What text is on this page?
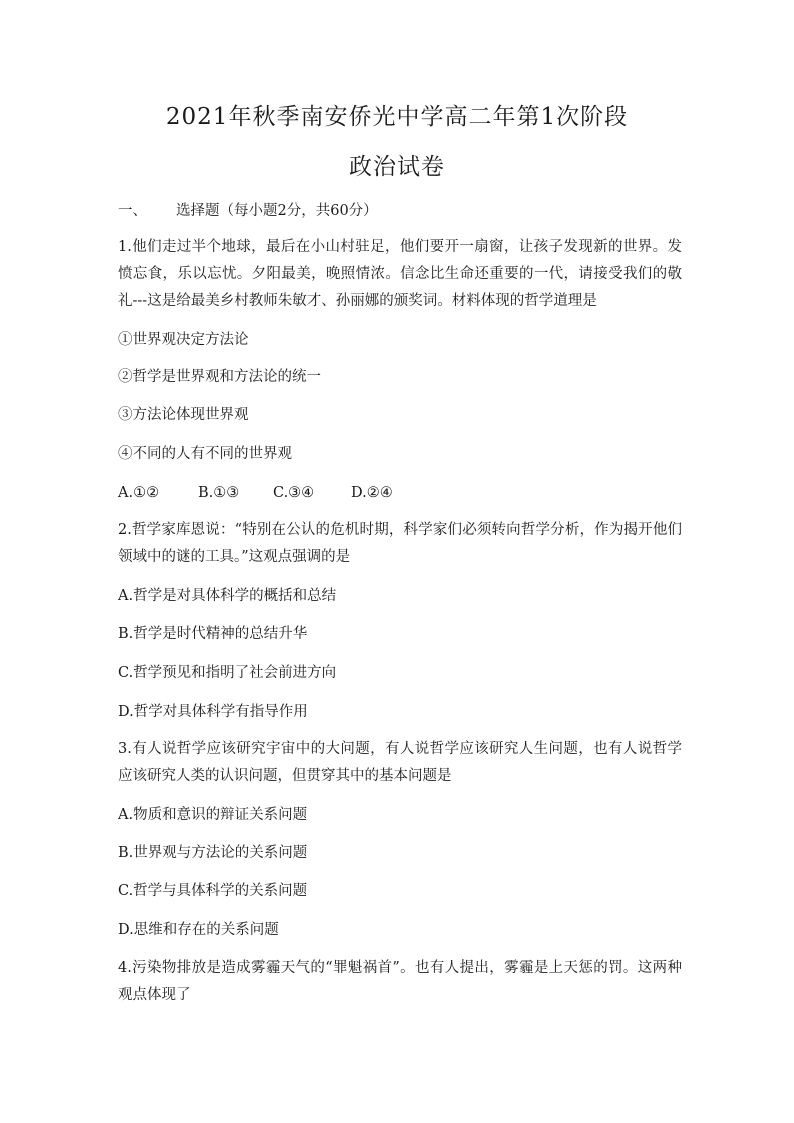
2021年秋季南安侨光中学高二年第1次阶段
政治试卷
一、 选择题（每小题2分，共60分）
1.他们走过半个地球，最后在小山村驻足，他们要开一扇窗，让孩子发现新的世界。发愤忘食，乐以忘忧。夕阳最美，晚照情浓。信念比生命还重要的一代，请接受我们的敬礼---这是给最美乡村教师朱敏才、孙丽娜的颁奖词。材料体现的哲学道理是
①世界观决定方法论
②哲学是世界观和方法论的统一
③方法论体现世界观
④不同的人有不同的世界观
A.①②	B.①③ C.③④	D.②④
2.哲学家库恩说：“特别在公认的危机时期，科学家们必须转向哲学分析，作为揭开他们领域中的谜的工具。”这观点强调的是
A.哲学是对具体科学的概括和总结
B.哲学是时代精神的总结升华
C.哲学预见和指明了社会前进方向
D.哲学对具体科学有指导作用
3.有人说哲学应该研究宇宙中的大问题，有人说哲学应该研究人生问题，也有人说哲学应该研究人类的认识问题，但贯穿其中的基本问题是
A.物质和意识的辩证关系问题
B.世界观与方法论的关系问题
C.哲学与具体科学的关系问题
D.思维和存在的关系问题
4.污染物排放是造成雾霾天气的“罪魁祸首”。也有人提出，雾霾是上天惩的罚。这两种观点体现了
